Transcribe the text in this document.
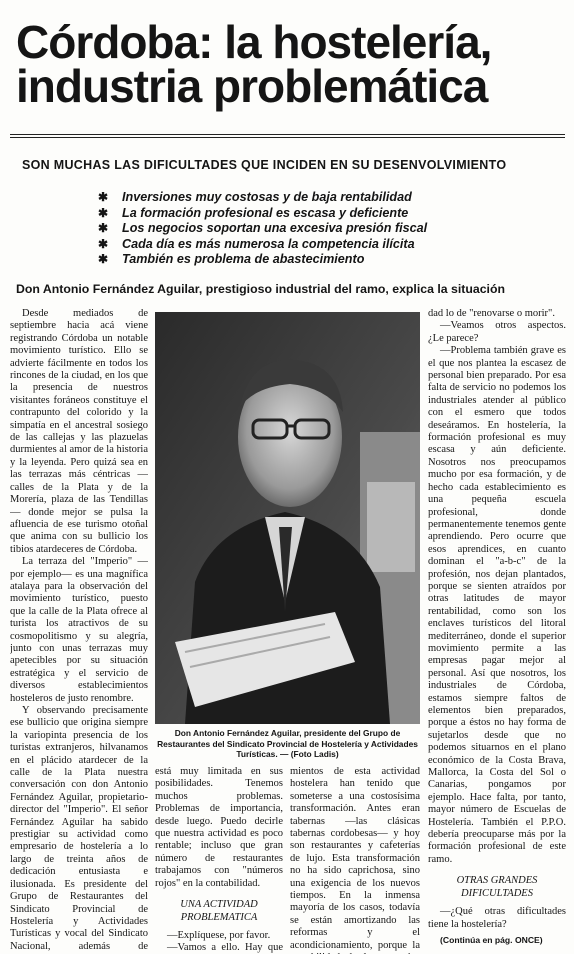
Córdoba: la hostelería,
industria problemática
SON MUCHAS LAS DIFICULTADES QUE INCIDEN EN SU DESENVOLVIMIENTO
✱ Inversiones muy costosas y de baja rentabilidad
✱ La formación profesional es escasa y deficiente
✱ Los negocios soportan una excesiva presión fiscal
✱ Cada día es más numerosa la competencia ilícita
✱ También es problema de abastecimiento
Don Antonio Fernández Aguilar, prestigioso industrial del ramo, explica la situación

Desde mediados de septiembre hacia acá viene registrando Córdoba un notable movimiento turístico. Ello se advierte fácilmente en todos los rincones de la ciudad, en los que la presencia de nuestros visitantes foráneos constituye el contrapunto del colorido y la simpatía en el ancestral sosiego de las callejas y las plazuelas durmientes al amor de la historia y la leyenda. Pero quizá sea en las terrazas más céntricas —calles de la Plata y de la Morería, plaza de las Tendillas— donde mejor se pulsa la afluencia de ese turismo otoñal que anima con su bullicio los tibios atardeceres de Córdoba.

La terraza del "Imperio" —por ejemplo— es una magnífica atalaya para la observación del movimiento turístico, puesto que la calle de la Plata ofrece al turista los atractivos de su cosmopolitismo y su alegría, junto con unas terrazas muy apetecibles por su situación estratégica y el servicio de diversos establecimientos hosteleros de justo renombre.

Y observando precisamente ese bullicio que origina siempre la variopinta presencia de los turistas extranjeros, hilvanamos en el plácido atardecer de la calle de la Plata nuestra conversación con don Antonio Fernández Aguilar, propietario-director del "Imperio". El señor Fernández Aguilar ha sabido prestigiar su actividad como empresario de hostelería a lo largo de treinta años de dedicación entusiasta e ilusionada. Es presidente del Grupo de Restaurantes del Sindicato Provincial de Hostelería y Actividades Turísticas y vocal del Sindicato Nacional, además de

Don Antonio Fernández Aguilar, presidente del Grupo de Restaurantes del Sindicato Provincial de Hostelería y Actividades Turísticas. — (Foto Ladis)

está muy limitada en sus posibilidades. Tenemos muchos problemas. Problemas de importancia, desde luego. Puedo decirle que nuestra actividad es poco rentable; incluso que gran número de restaurantes trabajamos con "números rojos" en la contabilidad.

UNA ACTIVIDAD PROBLEMATICA

—Explíquese, por favor.

—Vamos a ello. Hay que

mientos de esta actividad hostelera han tenido que someterse a una costosísima transformación. Antes eran tabernas —las clásicas tabernas cordobesas— y hoy son restaurantes y cafeterías de lujo. Esta transformación no ha sido caprichosa, sino una exigencia de los nuevos tiempos. En la inmensa mayoría de los casos, todavía se están amortizando las reformas y el acondicionamiento, porque la

dad lo de "renovarse o morir".

—Veamos otros aspectos. ¿Le parece?

—Problema también grave es el que nos plantea la escasez de personal bien preparado. Por esa falta de servicio no podemos los industriales atender al público con el esmero que todos deseáramos. En hostelería, la formación profesional es muy escasa y aún deficiente. Nosotros nos preocupamos mucho por esa formación, y de hecho cada establecimiento es una pequeña escuela profesional, donde permanentemente tenemos gente aprendiendo. Pero ocurre que esos aprendices, en cuanto dominan el "a-b-c" de la profesión, nos dejan plantados, porque se sienten atraídos por otras latitudes de mayor rentabilidad, como son los enclaves turísticos del litoral mediterráneo, donde el superior movimiento permite a las empresas pagar mejor al personal. Así que nosotros, los industriales de Córdoba, estamos siempre faltos de elementos bien preparados, porque a éstos no hay forma de sujetarlos desde que no podemos situarnos en el plano económico de la Costa Brava, Mallorca, la Costa del Sol o Canarias, pongamos por ejemplo. Hace falta, por tanto, mayor número de Escuelas de Hostelería. También el P.P.O. debería preocuparse más por la formación profesional de este ramo.

OTRAS GRANDES DIFICULTADES

—¿Qué otras dificultades tiene la hostelería?

(Continúa en pág. ONCE)
